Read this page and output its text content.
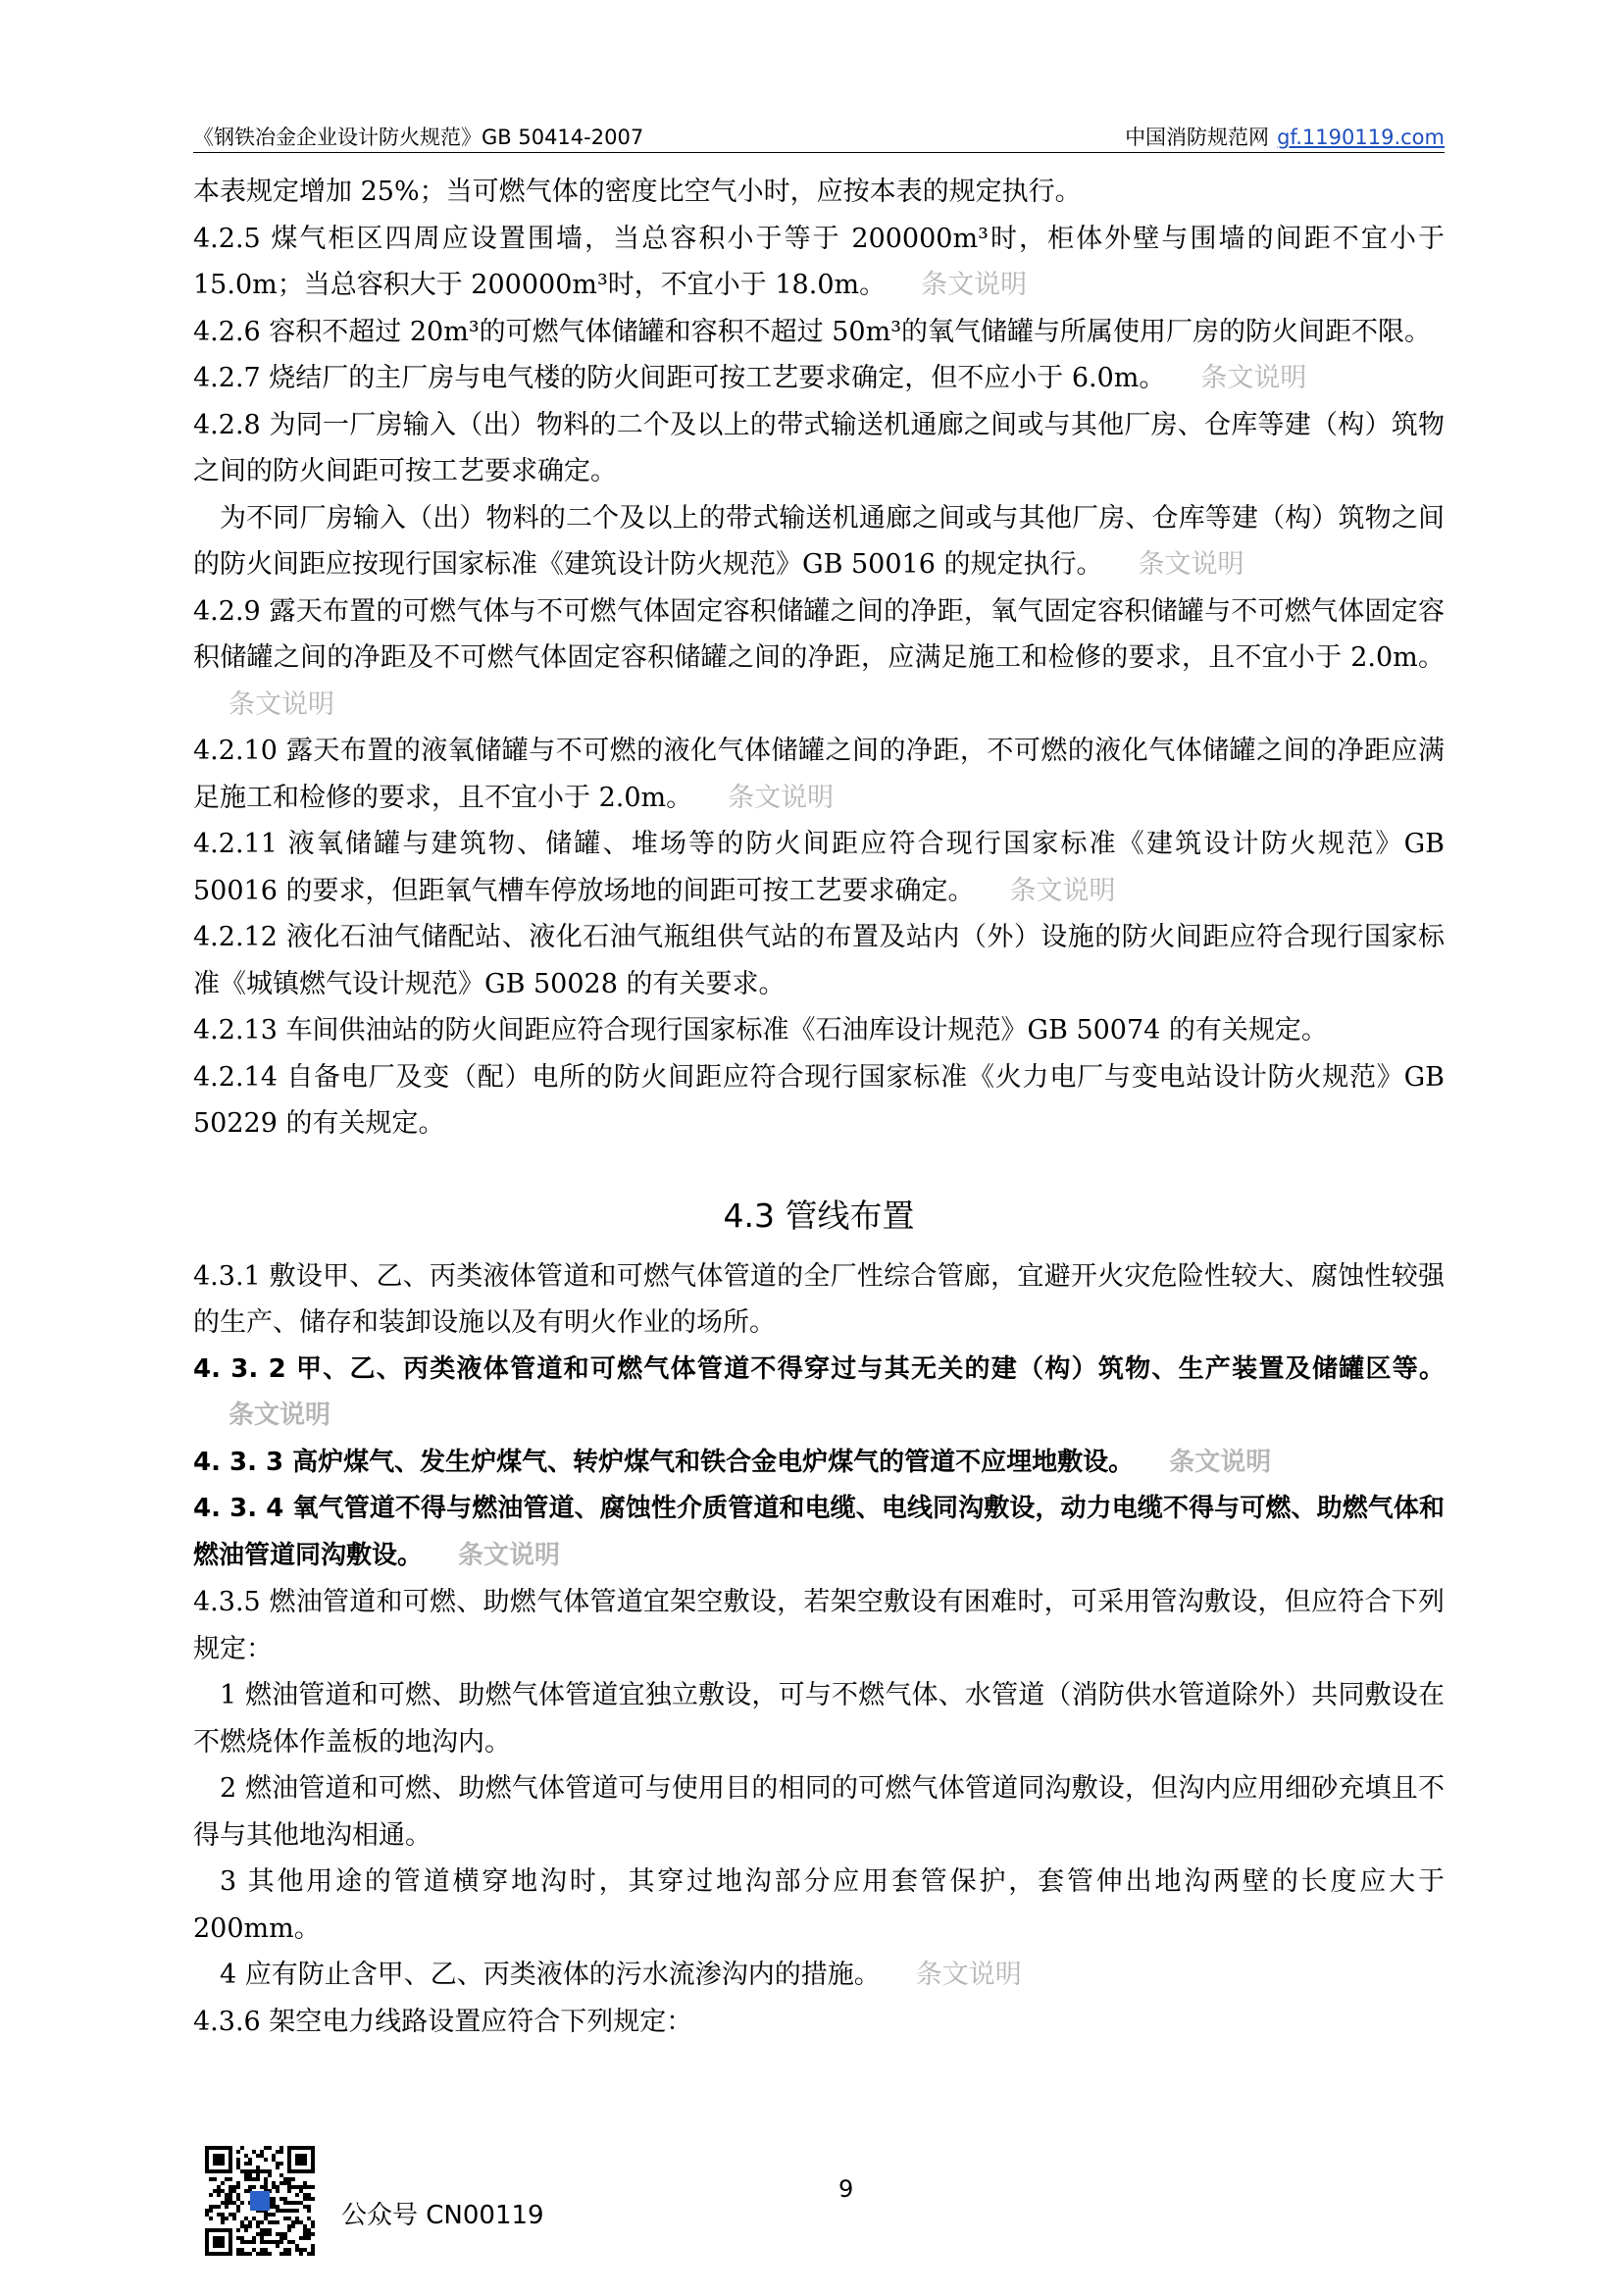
《钢铁冶金企业设计防火规范》GB 50414-2007	中国消防规范网 gf.1190119.com

本表规定增加 25%；当可燃气体的密度比空气小时，应按本表的规定执行。

4.2.5 煤气柜区四周应设置围墙，当总容积小于等于 200000m³时，柜体外壁与围墙的间距不宜小于 15.0m；当总容积大于 200000m³时，不宜小于 18.0m。 条文说明

4.2.6 容积不超过 20m³的可燃气体储罐和容积不超过 50m³的氧气储罐与所属使用厂房的防火间距不限。

4.2.7 烧结厂的主厂房与电气楼的防火间距可按工艺要求确定，但不应小于 6.0m。 条文说明

4.2.8 为同一厂房输入（出）物料的二个及以上的带式输送机通廊之间或与其他厂房、仓库等建（构）筑物之间的防火间距可按工艺要求确定。

为不同厂房输入（出）物料的二个及以上的带式输送机通廊之间或与其他厂房、仓库等建（构）筑物之间的防火间距应按现行国家标准《建筑设计防火规范》GB 50016 的规定执行。 条文说明

4.2.9 露天布置的可燃气体与不可燃气体固定容积储罐之间的净距，氧气固定容积储罐与不可燃气体固定容积储罐之间的净距及不可燃气体固定容积储罐之间的净距，应满足施工和检修的要求，且不宜小于 2.0m。条文说明

4.2.10 露天布置的液氧储罐与不可燃的液化气体储罐之间的净距，不可燃的液化气体储罐之间的净距应满足施工和检修的要求，且不宜小于 2.0m。 条文说明

4.2.11 液氧储罐与建筑物、储罐、堆场等的防火间距应符合现行国家标准《建筑设计防火规范》GB 50016 的要求，但距氧气槽车停放场地的间距可按工艺要求确定。 条文说明

4.2.12 液化石油气储配站、液化石油气瓶组供气站的布置及站内（外）设施的防火间距应符合现行国家标准《城镇燃气设计规范》GB 50028 的有关要求。

4.2.13 车间供油站的防火间距应符合现行国家标准《石油库设计规范》GB 50074 的有关规定。

4.2.14 自备电厂及变（配）电所的防火间距应符合现行国家标准《火力电厂与变电站设计防火规范》GB 50229 的有关规定。

4.3 管线布置

4.3.1 敷设甲、乙、丙类液体管道和可燃气体管道的全厂性综合管廊，宜避开火灾危险性较大、腐蚀性较强的生产、储存和装卸设施以及有明火作业的场所。

4. 3. 2 甲、乙、丙类液体管道和可燃气体管道不得穿过与其无关的建（构）筑物、生产装置及储罐区等。条文说明

4. 3. 3 高炉煤气、发生炉煤气、转炉煤气和铁合金电炉煤气的管道不应埋地敷设。 条文说明

4. 3. 4 氧气管道不得与燃油管道、腐蚀性介质管道和电缆、电线同沟敷设，动力电缆不得与可燃、助燃气体和燃油管道同沟敷设。 条文说明

4.3.5 燃油管道和可燃、助燃气体管道宜架空敷设，若架空敷设有困难时，可采用管沟敷设，但应符合下列规定：

1 燃油管道和可燃、助燃气体管道宜独立敷设，可与不燃气体、水管道（消防供水管道除外）共同敷设在不燃烧体作盖板的地沟内。

2 燃油管道和可燃、助燃气体管道可与使用目的相同的可燃气体管道同沟敷设，但沟内应用细砂充填且不得与其他地沟相通。

3 其他用途的管道横穿地沟时，其穿过地沟部分应用套管保护，套管伸出地沟两壁的长度应大于 200mm。

4 应有防止含甲、乙、丙类液体的污水流渗沟内的措施。 条文说明

4.3.6 架空电力线路设置应符合下列规定：

公众号 CN00119
9
